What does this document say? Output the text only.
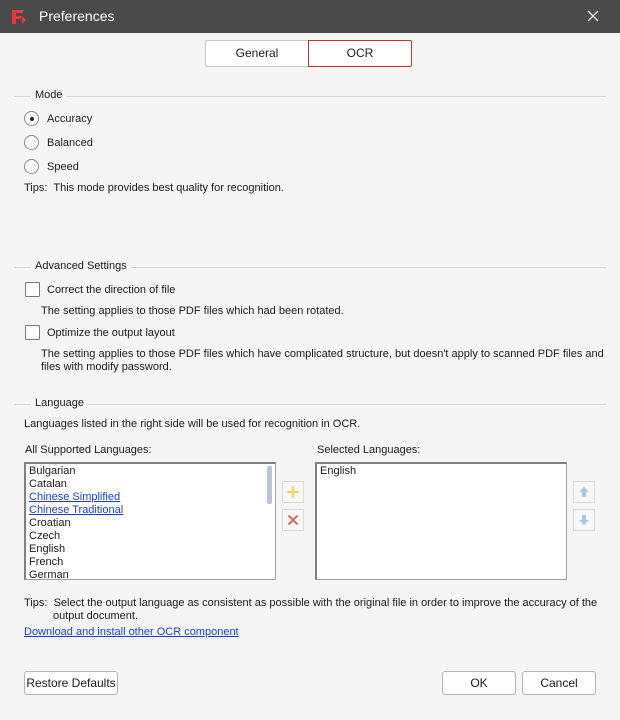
Preferences
General	OCR
Mode
Accuracy
Balanced
Speed
Tips: This mode provides best quality for recognition.
Advanced Settings
Correct the direction of file
The setting applies to those PDF files which had been rotated.
Optimize the output layout
The setting applies to those PDF files which have complicated structure, but doesn't apply to scanned PDF files and
files with modify password.
Language
Languages listed in the right side will be used for recognition in OCR.
All Supported Languages:	Selected Languages:
Bulgarian
Catalan
Chinese Simplified
Chinese Traditional
Croatian
Czech
English
French
German
English
Tips: Select the output language as consistent as possible with the original file in order to improve the accuracy of the
output document.
Download and install other OCR component
Restore Defaults	OK	Cancel
